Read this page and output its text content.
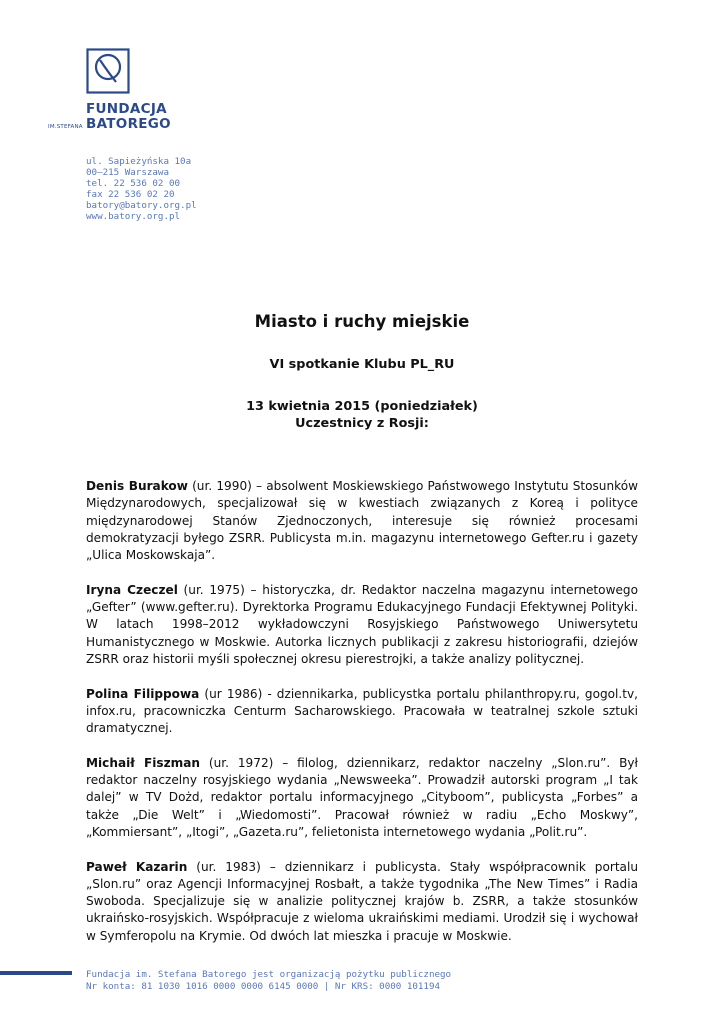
IM.STEFANA
FUNDACJA
BATOREGO
ul. Sapieżyńska 10a
00–215 Warszawa
tel. 22 536 02 00
fax 22 536 02 20
batory@batory.org.pl
www.batory.org.pl
Miasto i ruchy miejskie
VI spotkanie Klubu PL_RU
13 kwietnia 2015 (poniedziałek)
Uczestnicy z Rosji:

Denis Burakow (ur. 1990) – absolwent Moskiewskiego Państwowego Instytutu Stosunków Międzynarodowych, specjalizował się w kwestiach związanych z Koreą i polityce międzynarodowej Stanów Zjednoczonych, interesuje się również procesami demokratyzacji byłego ZSRR. Publicysta m.in. magazynu internetowego Gefter.ru i gazety „Ulica Moskowskaja”.

Iryna Czeczel (ur. 1975) – historyczka, dr. Redaktor naczelna magazynu internetowego „Gefter” (www.gefter.ru). Dyrektorka Programu Edukacyjnego Fundacji Efektywnej Polityki. W latach 1998–2012 wykładowczyni Rosyjskiego Państwowego Uniwersytetu Humanistycznego w Moskwie. Autorka licznych publikacji z zakresu historiografii, dziejów ZSRR oraz historii myśli społecznej okresu pierestrojki, a także analizy politycznej.

Polina Filippowa (ur 1986) - dziennikarka, publicystka portalu philanthropy.ru, gogol.tv, infox.ru, pracowniczka Centurm Sacharowskiego. Pracowała w teatralnej szkole sztuki dramatycznej.

Michaił Fiszman (ur. 1972) – filolog, dziennikarz, redaktor naczelny „Slon.ru”. Był redaktor naczelny rosyjskiego wydania „Newsweeka”. Prowadził autorski program „I tak dalej” w TV Dożd, redaktor portalu informacyjnego „Cityboom”, publicysta „Forbes” a także „Die Welt” i „Wiedomosti”. Pracował również w radiu „Echo Moskwy”, „Kommiersant”, „Itogi”, „Gazeta.ru”, felietonista internetowego wydania „Polit.ru”.

Paweł Kazarin (ur. 1983) – dziennikarz i publicysta. Stały współpracownik portalu „Slon.ru” oraz Agencji Informacyjnej Rosbałt, a także tygodnika „The New Times” i Radia Swoboda. Specjalizuje się w analizie politycznej krajów b. ZSRR, a także stosunków ukraińsko-rosyjskich. Współpracuje z wieloma ukraińskimi mediami. Urodził się i wychował w Symferopolu na Krymie. Od dwóch lat mieszka i pracuje w Moskwie.

Fundacja im. Stefana Batorego jest organizacją pożytku publicznego
Nr konta: 81 1030 1016 0000 0000 6145 0000 | Nr KRS: 0000 101194
